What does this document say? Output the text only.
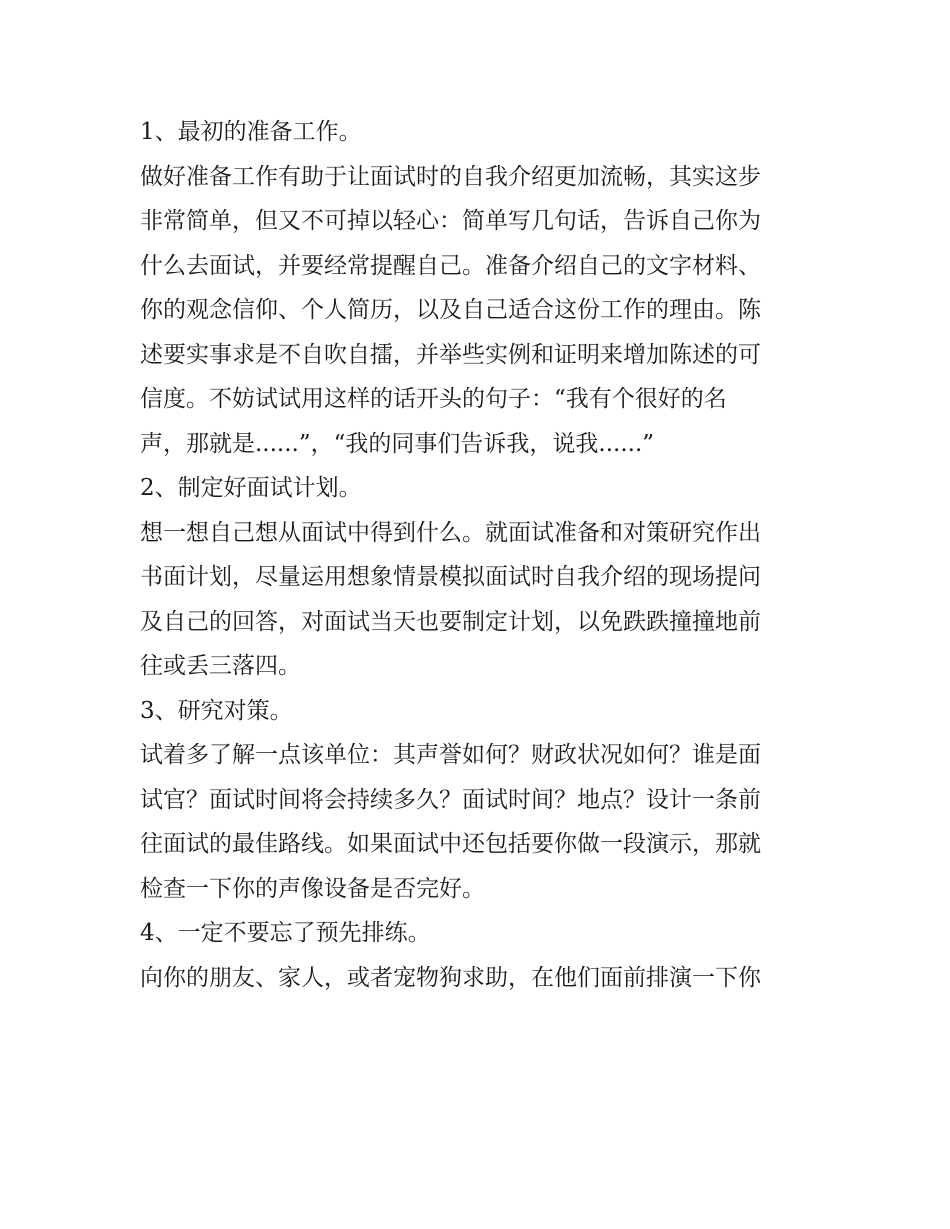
1、最初的准备工作。
做好准备工作有助于让面试时的自我介绍更加流畅，其实这步
非常简单，但又不可掉以轻心：简单写几句话，告诉自己你为
什么去面试，并要经常提醒自己。准备介绍自己的文字材料、
你的观念信仰、个人简历，以及自己适合这份工作的理由。陈
述要实事求是不自吹自擂，并举些实例和证明来增加陈述的可
信度。不妨试试用这样的话开头的句子：“我有个很好的名
声，那就是......”，“我的同事们告诉我，说我......”
2、制定好面试计划。
想一想自己想从面试中得到什么。就面试准备和对策研究作出
书面计划，尽量运用想象情景模拟面试时自我介绍的现场提问
及自己的回答，对面试当天也要制定计划，以免跌跌撞撞地前
往或丢三落四。
3、研究对策。
试着多了解一点该单位：其声誉如何？财政状况如何？谁是面
试官？面试时间将会持续多久？面试时间？地点？设计一条前
往面试的最佳路线。如果面试中还包括要你做一段演示，那就
检查一下你的声像设备是否完好。
4、一定不要忘了预先排练。
向你的朋友、家人，或者宠物狗求助，在他们面前排演一下你
